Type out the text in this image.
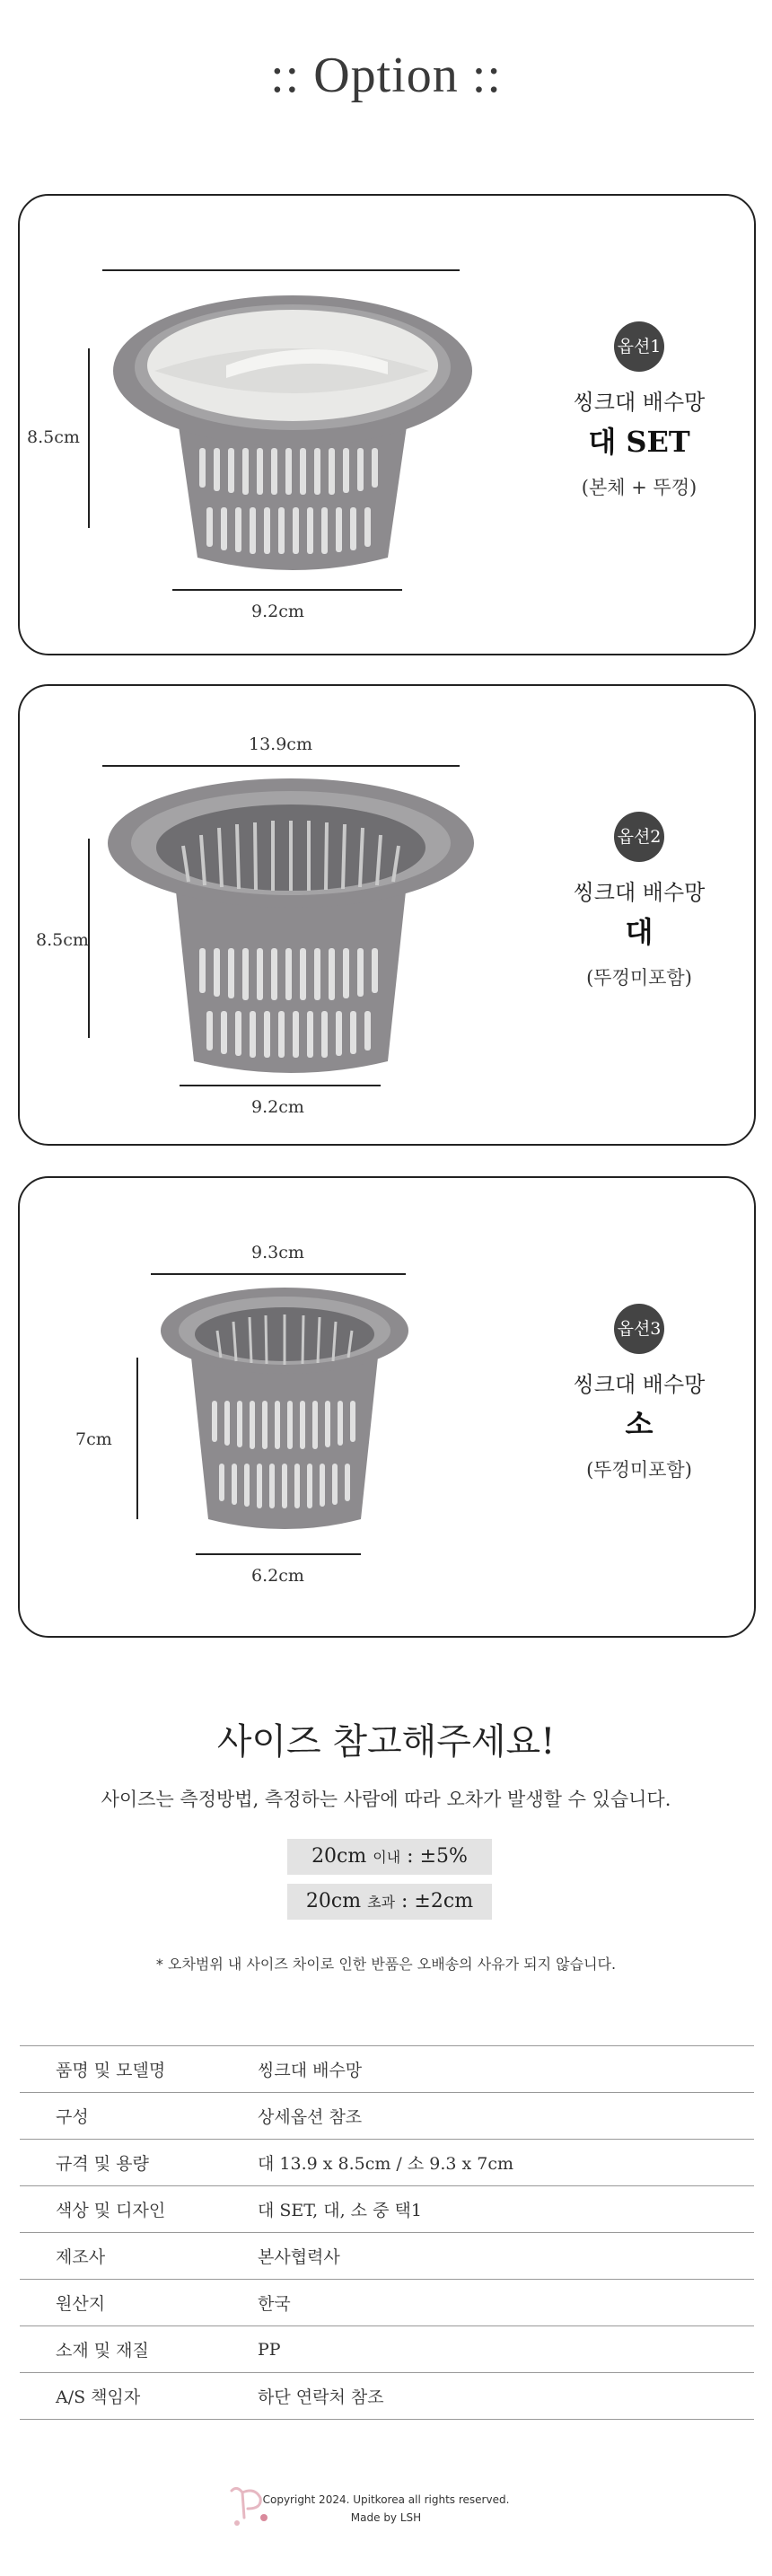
:: Option ::
8.5cm
9.2cm
옵션1
씽크대 배수망
대 SET
(본체 + 뚜껑)
13.9cm
8.5cm
9.2cm
옵션2
씽크대 배수망
대
(뚜껑미포함)
9.3cm
7cm
6.2cm
옵션3
씽크대 배수망
소
(뚜껑미포함)
사이즈 참고해주세요!
사이즈는 측정방법, 측정하는 사람에 따라 오차가 발생할 수 있습니다.
20cm 이내 : ±5%
20cm 초과 : ±2cm
* 오차범위 내 사이즈 차이로 인한 반품은 오배송의 사유가 되지 않습니다.
품명 및 모델명	씽크대 배수망
구성	상세옵션 참조
규격 및 용량	대 13.9 x 8.5cm / 소 9.3 x 7cm
색상 및 디자인	대 SET, 대, 소 중 택1
제조사	본사협력사
원산지	한국
소재 및 재질	PP
A/S 책임자	하단 연락처 참조
Copyright 2024. Upitkorea all rights reserved.
Made by LSH
